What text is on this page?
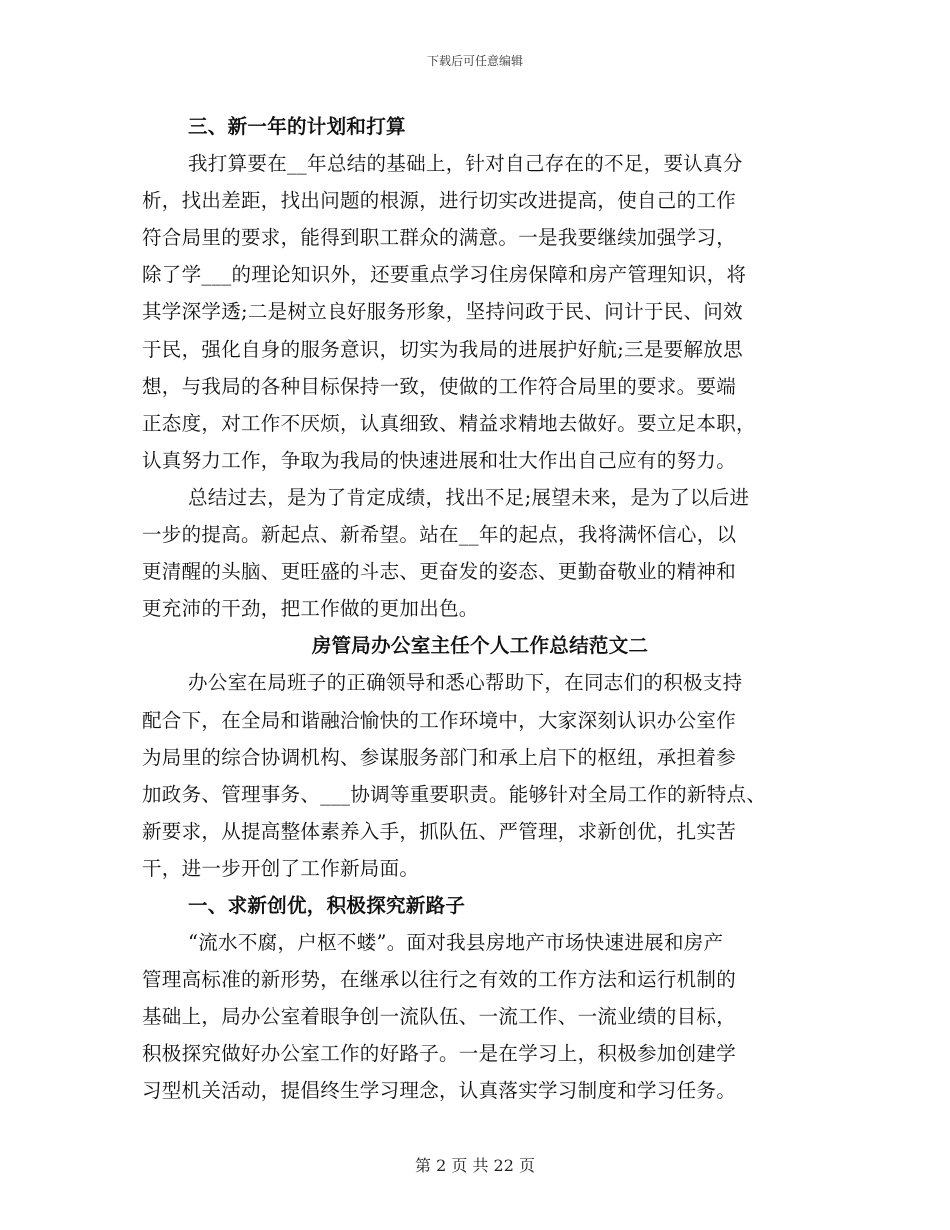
下载后可任意编辑
三、新一年的计划和打算
我打算要在__年总结的基础上，针对自己存在的不足，要认真分
析，找出差距，找出问题的根源，进行切实改进提高，使自己的工作
符合局里的要求，能得到职工群众的满意。一是我要继续加强学习，
除了学___的理论知识外，还要重点学习住房保障和房产管理知识，将
其学深学透;二是树立良好服务形象，坚持问政于民、问计于民、问效
于民，强化自身的服务意识，切实为我局的进展护好航;三是要解放思
想，与我局的各种目标保持一致，使做的工作符合局里的要求。要端
正态度，对工作不厌烦，认真细致、精益求精地去做好。要立足本职，
认真努力工作，争取为我局的快速进展和壮大作出自己应有的努力。
总结过去，是为了肯定成绩，找出不足;展望未来，是为了以后进
一步的提高。新起点、新希望。站在__年的起点，我将满怀信心，以
更清醒的头脑、更旺盛的斗志、更奋发的姿态、更勤奋敬业的精神和
更充沛的干劲，把工作做的更加出色。
房管局办公室主任个人工作总结范文二
办公室在局班子的正确领导和悉心帮助下，在同志们的积极支持
配合下，在全局和谐融洽愉快的工作环境中，大家深刻认识办公室作
为局里的综合协调机构、参谋服务部门和承上启下的枢纽，承担着参
加政务、管理事务、___协调等重要职责。能够针对全局工作的新特点、
新要求，从提高整体素养入手，抓队伍、严管理，求新创优，扎实苦
干，进一步开创了工作新局面。
一、求新创优，积极探究新路子
“流水不腐，户枢不蝼”。面对我县房地产市场快速进展和房产
管理高标准的新形势，在继承以往行之有效的工作方法和运行机制的
基础上，局办公室着眼争创一流队伍、一流工作、一流业绩的目标，
积极探究做好办公室工作的好路子。一是在学习上，积极参加创建学
习型机关活动，提倡终生学习理念，认真落实学习制度和学习任务。
第 2 页 共 22 页
